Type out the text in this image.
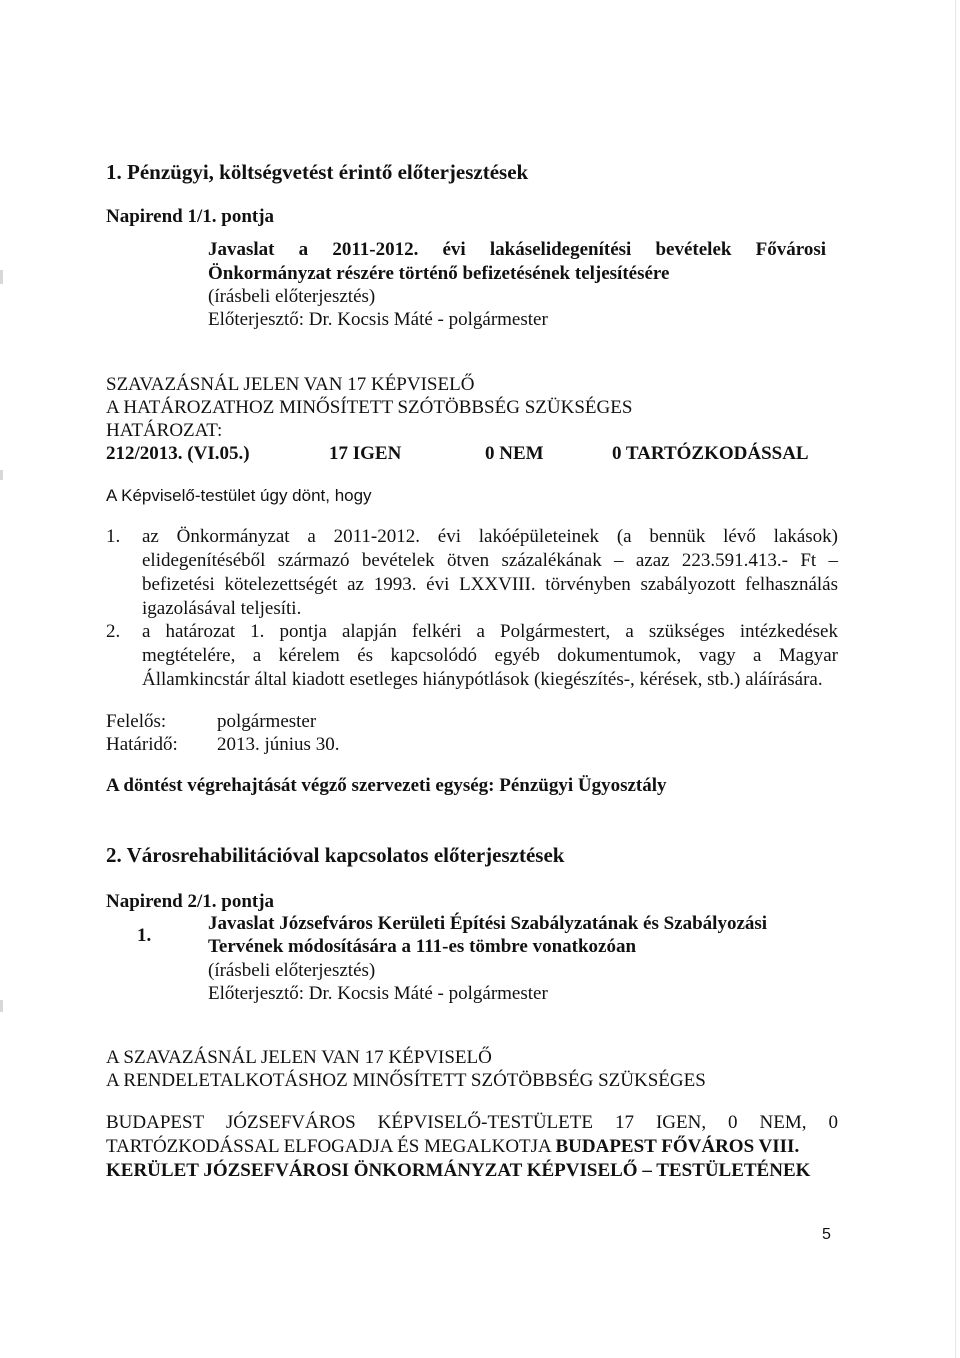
1. Pénzügyi, költségvetést érintő előterjesztések
Napirend 1/1. pontja
Javaslat a 2011-2012. évi lakáselidegenítési bevételek Fővárosi
Önkormányzat részére történő befizetésének teljesítésére
(írásbeli előterjesztés)
Előterjesztő: Dr. Kocsis Máté - polgármester
SZAVAZÁSNÁL JELEN VAN 17 KÉPVISELŐ
A HATÁROZATHOZ MINŐSÍTETT SZÓTÖBBSÉG SZÜKSÉGES
HATÁROZAT:
212/2013. (VI.05.)	17 IGEN	0 NEM	0 TARTÓZKODÁSSAL
A Képviselő-testület úgy dönt, hogy
1. az Önkormányzat a 2011-2012. évi lakóépületeinek (a bennük lévő lakások)
elidegenítéséből származó bevételek ötven százalékának – azaz 223.591.413.- Ft –
befizetési kötelezettségét az 1993. évi LXXVIII. törvényben szabályozott felhasználás
igazolásával teljesíti.
2. a határozat 1. pontja alapján felkéri a Polgármestert, a szükséges intézkedések
megtételére, a kérelem és kapcsolódó egyéb dokumentumok, vagy a Magyar
Államkincstár által kiadott esetleges hiánypótlások (kiegészítés-, kérések, stb.) aláírására.
Felelős:	polgármester
Határidő: 2013. június 30.
A döntést végrehajtását végző szervezeti egység: Pénzügyi Ügyosztály
2. Városrehabilitációval kapcsolatos előterjesztések
Napirend 2/1. pontja
1.
Javaslat Józsefváros Kerületi Építési Szabályzatának és Szabályozási
Tervének módosítására a 111-es tömbre vonatkozóan
(írásbeli előterjesztés)
Előterjesztő: Dr. Kocsis Máté - polgármester
A SZAVAZÁSNÁL JELEN VAN 17 KÉPVISELŐ
A RENDELETALKOTÁSHOZ MINŐSÍTETT SZÓTÖBBSÉG SZÜKSÉGES
BUDAPEST JÓZSEFVÁROS KÉPVISELŐ-TESTÜLETE 17 IGEN, 0 NEM, 0
TARTÓZKODÁSSAL ELFOGADJA ÉS MEGALKOTJA BUDAPEST FŐVÁROS VIII.
KERÜLET JÓZSEFVÁROSI ÖNKORMÁNYZAT KÉPVISELŐ – TESTÜLETÉNEK
5
